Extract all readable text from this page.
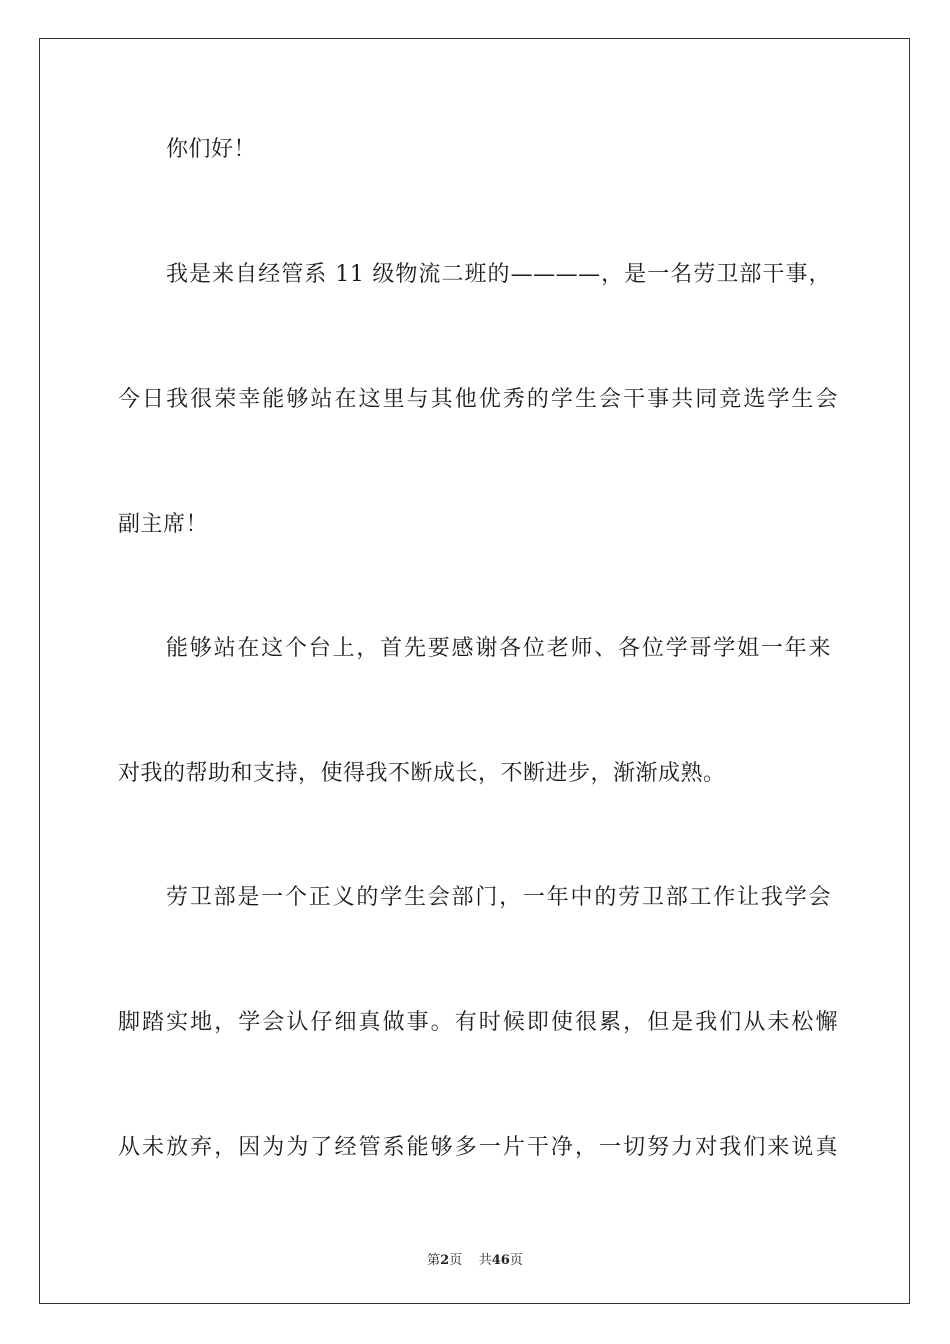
你们好！
我是来自经管系 11 级物流二班的————，是一名劳卫部干事，
今日我很荣幸能够站在这里与其他优秀的学生会干事共同竞选学生会
副主席！
能够站在这个台上，首先要感谢各位老师、各位学哥学姐一年来
对我的帮助和支持，使得我不断成长，不断进步，渐渐成熟。
劳卫部是一个正义的学生会部门，一年中的劳卫部工作让我学会
脚踏实地，学会认仔细真做事。有时候即使很累，但是我们从未松懈
从未放弃，因为为了经管系能够多一片干净，一切努力对我们来说真
第2页 共46页
